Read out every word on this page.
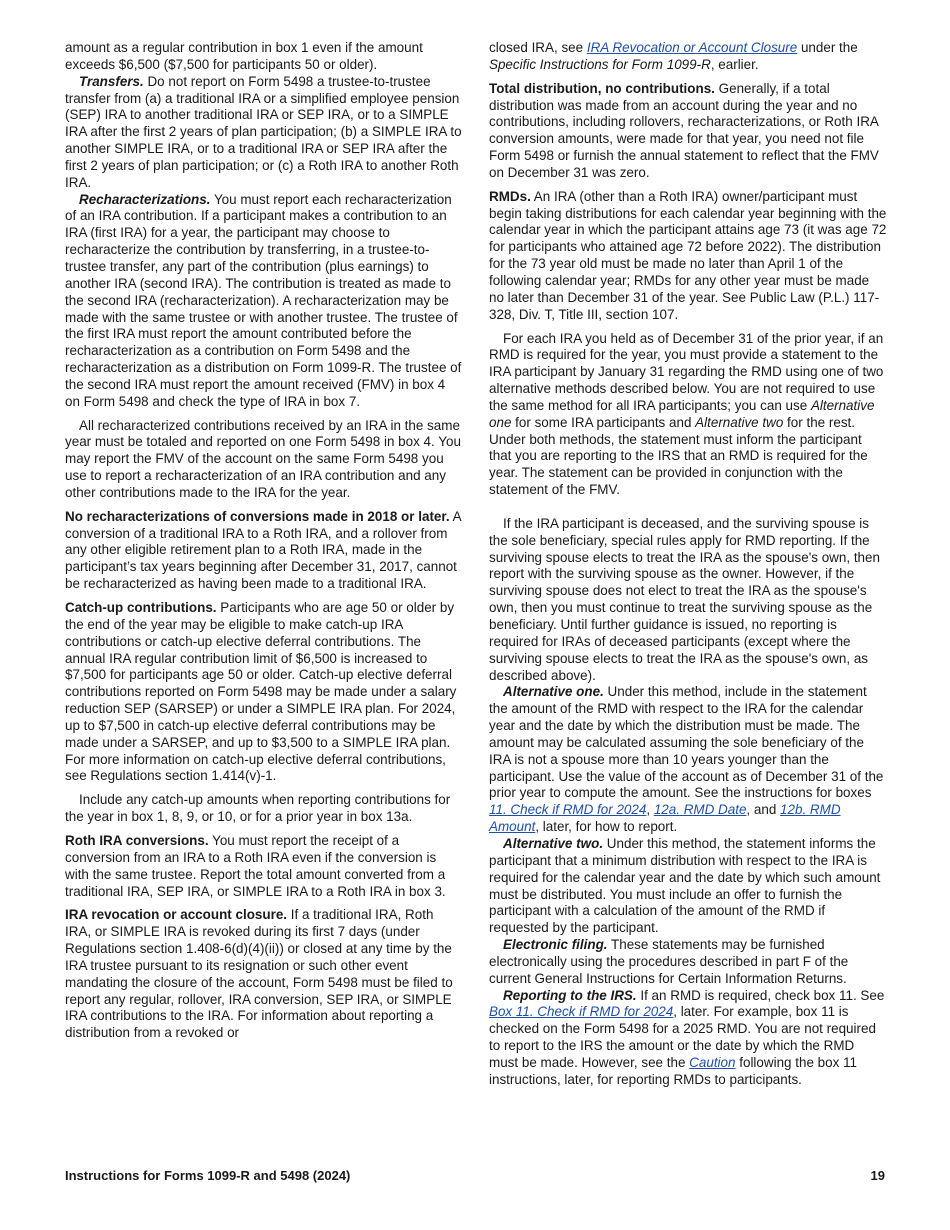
amount as a regular contribution in box 1 even if the amount exceeds $6,500 ($7,500 for participants 50 or older).

Transfers. Do not report on Form 5498 a trustee-to-trustee transfer from (a) a traditional IRA or a simplified employee pension (SEP) IRA to another traditional IRA or SEP IRA, or to a SIMPLE IRA after the first 2 years of plan participation; (b) a SIMPLE IRA to another SIMPLE IRA, or to a traditional IRA or SEP IRA after the first 2 years of plan participation; or (c) a Roth IRA to another Roth IRA.

Recharacterizations. You must report each recharacterization of an IRA contribution. If a participant makes a contribution to an IRA (first IRA) for a year, the participant may choose to recharacterize the contribution by transferring, in a trustee-to-trustee transfer, any part of the contribution (plus earnings) to another IRA (second IRA). The contribution is treated as made to the second IRA (recharacterization). A recharacterization may be made with the same trustee or with another trustee. The trustee of the first IRA must report the amount contributed before the recharacterization as a contribution on Form 5498 and the recharacterization as a distribution on Form 1099-R. The trustee of the second IRA must report the amount received (FMV) in box 4 on Form 5498 and check the type of IRA in box 7.

All recharacterized contributions received by an IRA in the same year must be totaled and reported on one Form 5498 in box 4. You may report the FMV of the account on the same Form 5498 you use to report a recharacterization of an IRA contribution and any other contributions made to the IRA for the year.

No recharacterizations of conversions made in 2018 or later. A conversion of a traditional IRA to a Roth IRA, and a rollover from any other eligible retirement plan to a Roth IRA, made in the participant’s tax years beginning after December 31, 2017, cannot be recharacterized as having been made to a traditional IRA.

Catch-up contributions. Participants who are age 50 or older by the end of the year may be eligible to make catch-up IRA contributions or catch-up elective deferral contributions. The annual IRA regular contribution limit of $6,500 is increased to $7,500 for participants age 50 or older. Catch-up elective deferral contributions reported on Form 5498 may be made under a salary reduction SEP (SARSEP) or under a SIMPLE IRA plan. For 2024, up to $7,500 in catch-up elective deferral contributions may be made under a SARSEP, and up to $3,500 to a SIMPLE IRA plan. For more information on catch-up elective deferral contributions, see Regulations section 1.414(v)-1.

Include any catch-up amounts when reporting contributions for the year in box 1, 8, 9, or 10, or for a prior year in box 13a.

Roth IRA conversions. You must report the receipt of a conversion from an IRA to a Roth IRA even if the conversion is with the same trustee. Report the total amount converted from a traditional IRA, SEP IRA, or SIMPLE IRA to a Roth IRA in box 3.

IRA revocation or account closure. If a traditional IRA, Roth IRA, or SIMPLE IRA is revoked during its first 7 days (under Regulations section 1.408-6(d)(4)(ii)) or closed at any time by the IRA trustee pursuant to its resignation or such other event mandating the closure of the account, Form 5498 must be filed to report any regular, rollover, IRA conversion, SEP IRA, or SIMPLE IRA contributions to the IRA. For information about reporting a distribution from a revoked or

closed IRA, see IRA Revocation or Account Closure under the Specific Instructions for Form 1099-R, earlier.

Total distribution, no contributions. Generally, if a total distribution was made from an account during the year and no contributions, including rollovers, recharacterizations, or Roth IRA conversion amounts, were made for that year, you need not file Form 5498 or furnish the annual statement to reflect that the FMV on December 31 was zero.

RMDs. An IRA (other than a Roth IRA) owner/participant must begin taking distributions for each calendar year beginning with the calendar year in which the participant attains age 73 (it was age 72 for participants who attained age 72 before 2022). The distribution for the 73 year old must be made no later than April 1 of the following calendar year; RMDs for any other year must be made no later than December 31 of the year. See Public Law (P.L.) 117-328, Div. T, Title III, section 107.

For each IRA you held as of December 31 of the prior year, if an RMD is required for the year, you must provide a statement to the IRA participant by January 31 regarding the RMD using one of two alternative methods described below. You are not required to use the same method for all IRA participants; you can use Alternative one for some IRA participants and Alternative two for the rest. Under both methods, the statement must inform the participant that you are reporting to the IRS that an RMD is required for the year. The statement can be provided in conjunction with the statement of the FMV.

If the IRA participant is deceased, and the surviving spouse is the sole beneficiary, special rules apply for RMD reporting. If the surviving spouse elects to treat the IRA as the spouse's own, then report with the surviving spouse as the owner. However, if the surviving spouse does not elect to treat the IRA as the spouse's own, then you must continue to treat the surviving spouse as the beneficiary. Until further guidance is issued, no reporting is required for IRAs of deceased participants (except where the surviving spouse elects to treat the IRA as the spouse's own, as described above).

Alternative one. Under this method, include in the statement the amount of the RMD with respect to the IRA for the calendar year and the date by which the distribution must be made. The amount may be calculated assuming the sole beneficiary of the IRA is not a spouse more than 10 years younger than the participant. Use the value of the account as of December 31 of the prior year to compute the amount. See the instructions for boxes 11. Check if RMD for 2024, 12a. RMD Date, and 12b. RMD Amount, later, for how to report.

Alternative two. Under this method, the statement informs the participant that a minimum distribution with respect to the IRA is required for the calendar year and the date by which such amount must be distributed. You must include an offer to furnish the participant with a calculation of the amount of the RMD if requested by the participant.

Electronic filing. These statements may be furnished electronically using the procedures described in part F of the current General Instructions for Certain Information Returns.

Reporting to the IRS. If an RMD is required, check box 11. See Box 11. Check if RMD for 2024, later. For example, box 11 is checked on the Form 5498 for a 2025 RMD. You are not required to report to the IRS the amount or the date by which the RMD must be made. However, see the Caution following the box 11 instructions, later, for reporting RMDs to participants.

Instructions for Forms 1099-R and 5498 (2024)	19
